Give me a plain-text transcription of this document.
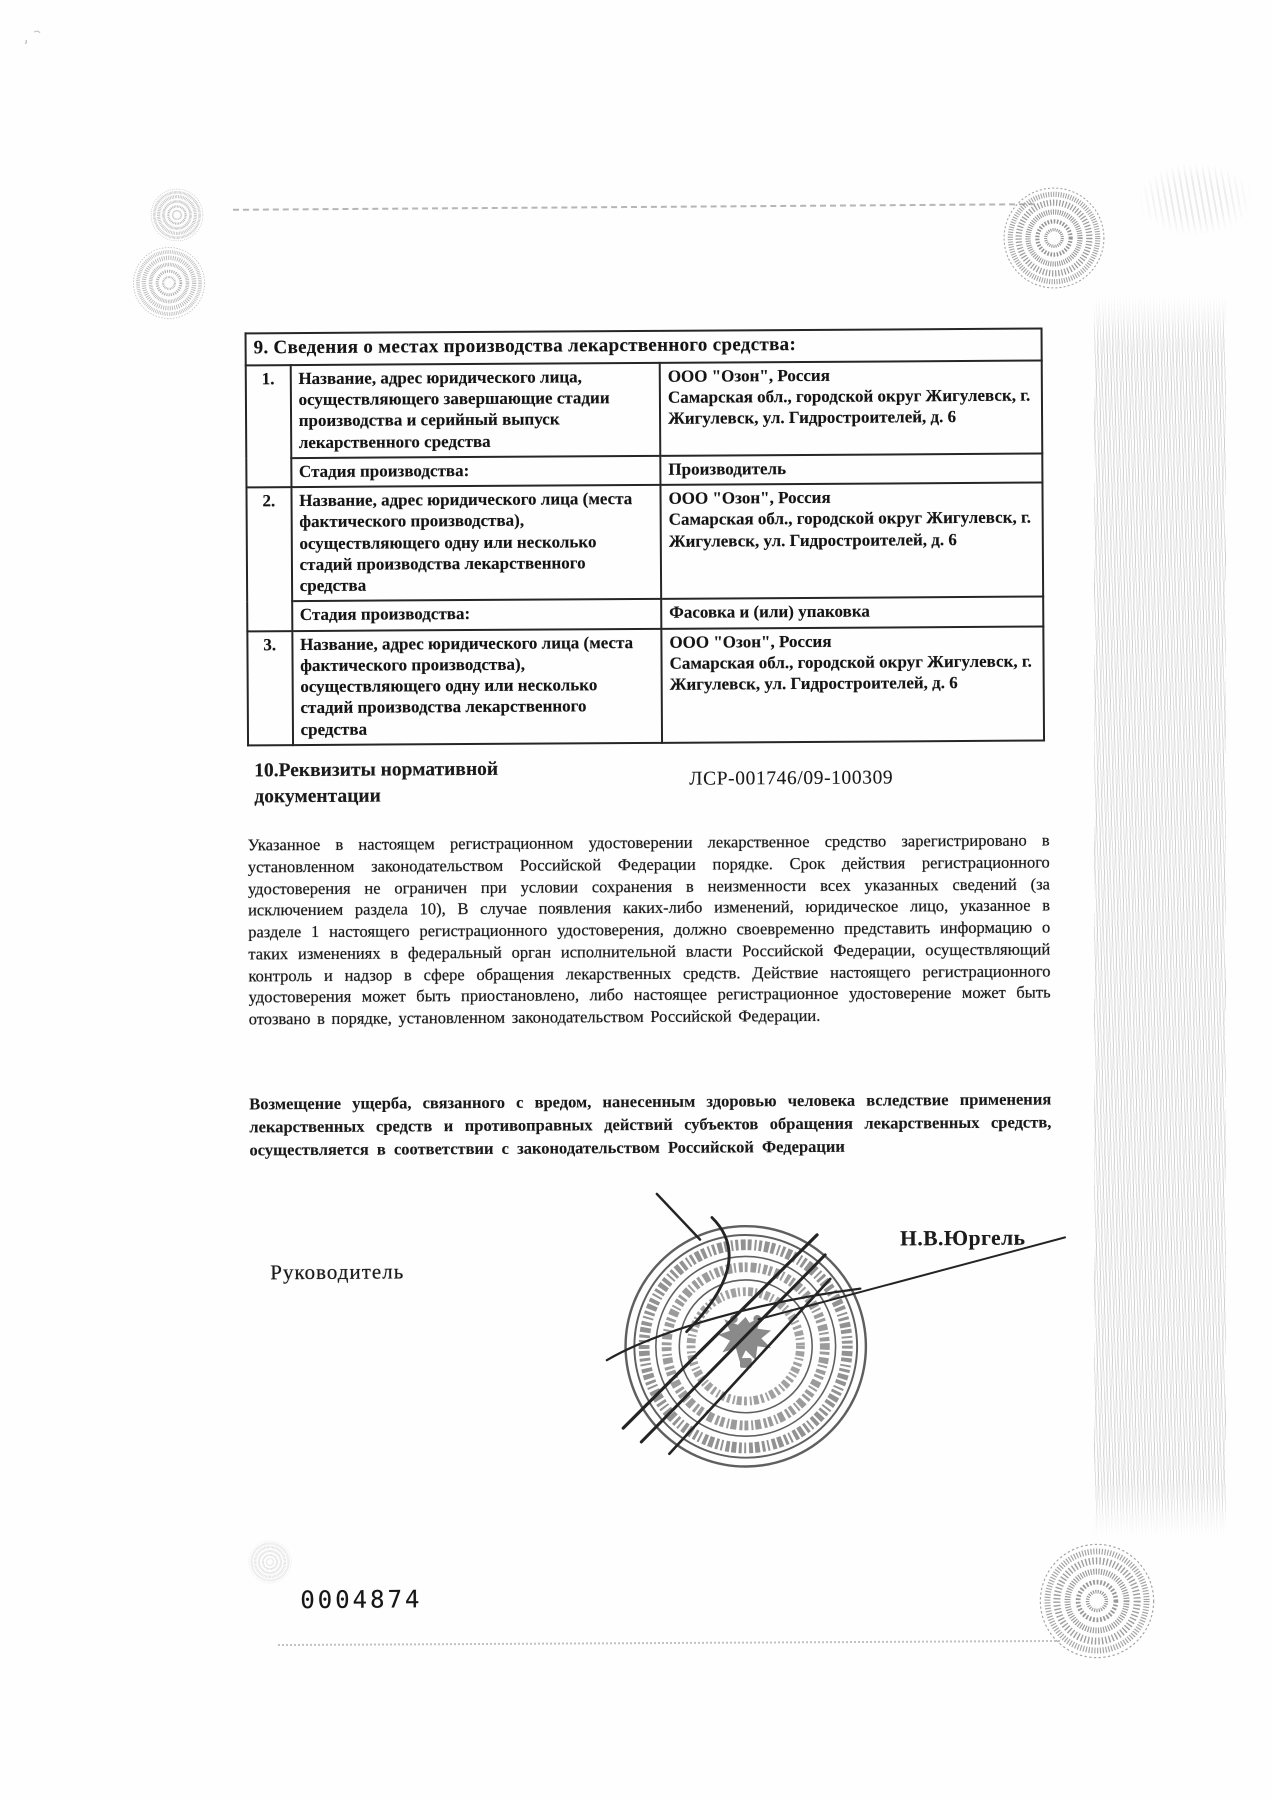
9. Сведения о местах производства лекарственного средства:		
1.	Название, адрес юридического лица, осуществляющего завершающие стадии производства и серийный выпуск лекарственного средства	ООО "Озон", Россия
Самарская обл., городской округ Жигулевск, г. Жигулевск, ул. Гидростроителей, д. 6
	Стадия производства:	Производитель
2.	Название, адрес юридического лица (места фактического производства), осуществляющего одну или несколько стадий производства лекарственного средства	ООО "Озон", Россия
Самарская обл., городской округ Жигулевск, г. Жигулевск, ул. Гидростроителей, д. 6
	Стадия производства:	Фасовка и (или) упаковка
3.	Название, адрес юридического лица (места фактического производства), осуществляющего одну или несколько стадий производства лекарственного средства	ООО "Озон", Россия
Самарская обл., городской округ Жигулевск, г. Жигулевск, ул. Гидростроителей, д. 6
10.Реквизиты нормативной документации
ЛСР-001746/09-100309
Указанное в настоящем регистрационном удостоверении лекарственное средство зарегистрировано в установленном законодательством Российской Федерации порядке. Срок действия регистрационного удостоверения не ограничен при условии сохранения в неизменности всех указанных сведений (за исключением раздела 10), В случае появления каких-либо изменений, юридическое лицо, указанное в разделе 1 настоящего регистрационного удостоверения, должно своевременно представить информацию о таких изменениях в федеральный орган исполнительной власти Российской Федерации, осуществляющий контроль и надзор в сфере обращения лекарственных средств. Действие настоящего регистрационного удостоверения может быть приостановлено, либо настоящее регистрационное удостоверение может быть отозвано в порядке, установленном законодательством Российской Федерации.
Возмещение ущерба, связанного с вредом, нанесенным здоровью человека вследствие применения лекарственных средств и противоправных действий субъектов обращения лекарственных средств, осуществляется в соответствии с законодательством Российской Федерации
Руководитель
Н.В.Юргель
0004874
